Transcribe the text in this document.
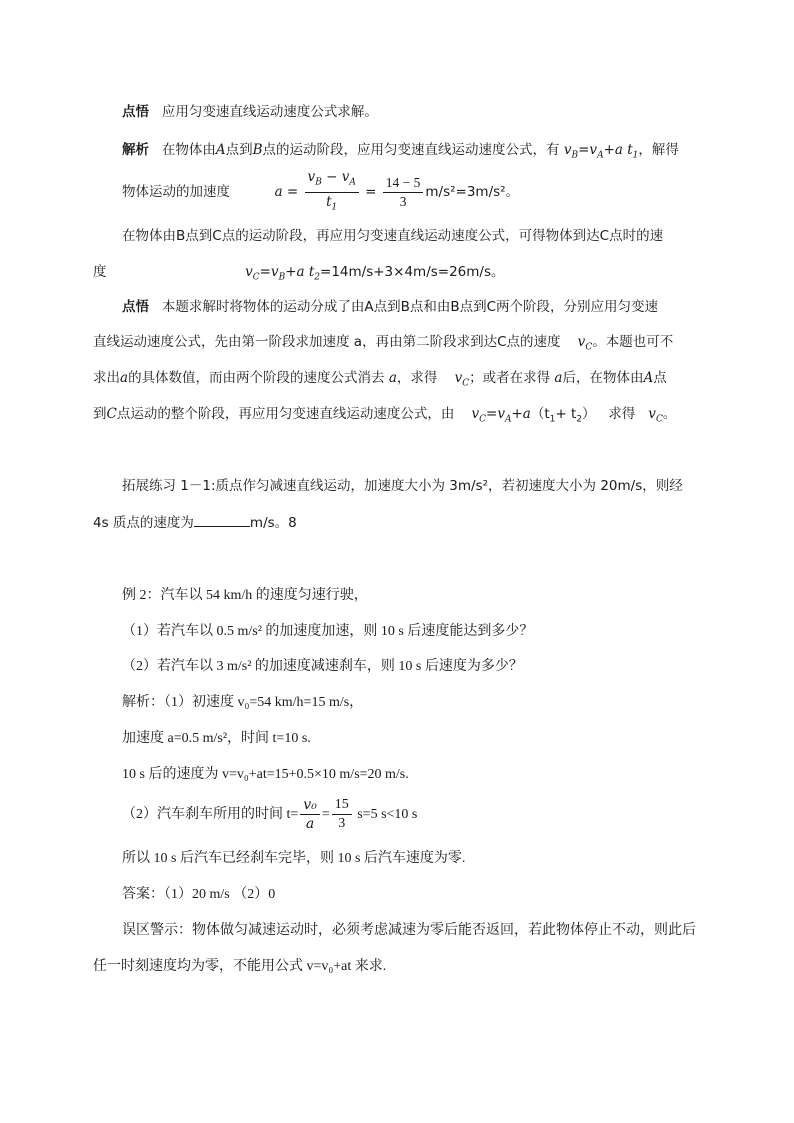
点悟 应用匀变速直线运动速度公式求解。
解析 在物体由A点到B点的运动阶段，应用匀变速直线运动速度公式，有 $v_B=v_A+a$ $t_1$，解得
物体运动的加速度	$a = \frac{v_B - v_A}{t_1} = \frac{14 - 5}{3} m/s^2=3m/s^2$。
在物体由B点到C点的运动阶段，再应用匀变速直线运动速度公式，可得物体到达C点时的速
度	$v_C=v_B+a$ $t_2=14m/s+3\times 4m/s=26m/s$。
点悟 本题求解时将物体的运动分成了由A点到B点和由B点到C两个阶段，分别应用匀变速
直线运动速度公式，先由第一阶段求加速度 a，再由第二阶段求到达C点的速度 $v_C$。本题也可不
求出a的具体数值，而由两个阶段的速度公式消去 a，求得 $v_C$；或者在求得 a后，在物体由A点
到C点运动的整个阶段，再应用匀变速直线运动速度公式，由 $v_C=v_A+a(t_1+ t_2)$   求得 $v_C$。
拓展练习 1－1:质点作匀减速直线运动，加速度大小为 3m/s²，若初速度大小为 20m/s，则经
4s 质点的速度为	m/s。8
例 2：汽车以 54 km/h 的速度匀速行驶，
（1）若汽车以 0.5 m/s² 的加速度加速，则 10 s 后速度能达到多少？
（2）若汽车以 3 m/s² 的加速度减速刹车，则 10 s 后速度为多少？
解析：（1）初速度 v₀=54 km/h=15 m/s，
加速度 a=0.5 m/s²，时间 t=10 s.
10 s 后的速度为 v=v₀+at=15+0.5×10 m/s=20 m/s.
（2）汽车刹车所用的时间 $t= \frac{\text{v₀}}{a} = \frac{15}{3} s=5$ s<10 s
所以 10 s 后汽车已经刹车完毕，则 10 s 后汽车速度为零.
答案：（1）20 m/s （2）0
误区警示：物体做匀减速运动时，必须考虑减速为零后能否返回，若此物体停止不动，则此后
任一时刻速度均为零，不能用公式 v=v₀+at 来求.
